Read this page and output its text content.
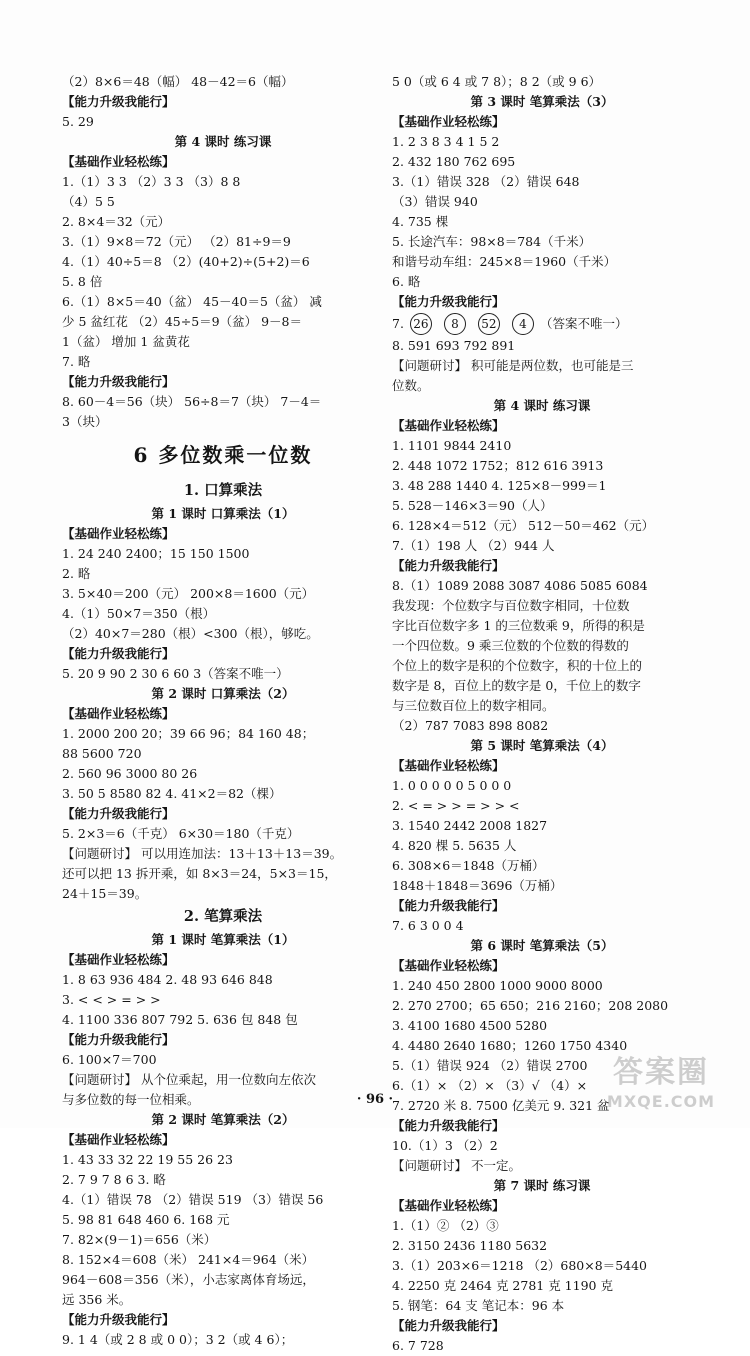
（2）8×6＝48（幅） 48－42＝6（幅）
【能力升级我能行】
5. 29
第 4 课时 练习课
【基础作业轻松练】
1.（1）3 3 （2）3 3 （3）8 8
（4）5 5
2. 8×4＝32（元）
3.（1）9×8＝72（元） （2）81÷9＝9
4.（1）40÷5＝8 （2）(40+2)÷(5+2)＝6
5. 8 倍
6.（1）8×5＝40（盆） 45－40＝5（盆） 减
少 5 盆红花 （2）45÷5＝9（盆） 9－8＝
1（盆） 增加 1 盆黄花
7. 略
【能力升级我能行】
8. 60－4＝56（块） 56÷8＝7（块） 7－4＝
3（块）
6 多位数乘一位数
1. 口算乘法
第 1 课时 口算乘法（1）
【基础作业轻松练】
1. 24 240 2400；15 150 1500
2. 略
3. 5×40＝200（元） 200×8＝1600（元）
4.（1）50×7＝350（根）
（2）40×7＝280（根）<300（根），够吃。
【能力升级我能行】
5. 20 9 90 2 30 6 60 3（答案不唯一）
第 2 课时 口算乘法（2）
【基础作业轻松练】
1. 2000 200 20；39 66 96；84 160 48；
88 5600 720
2. 560 96 3000 80 26
3. 50 5 8580 82 4. 41×2＝82（棵）
【能力升级我能行】
5. 2×3＝6（千克） 6×30＝180（千克）
【问题研讨】 可以用连加法：13＋13＋13＝39。
还可以把 13 拆开乘，如 8×3＝24，5×3＝15，
24＋15＝39。
2. 笔算乘法
第 1 课时 笔算乘法（1）
【基础作业轻松练】
1. 8 63 936 484 2. 48 93 646 848
3. < < > = > >
4. 1100 336 807 792 5. 636 包 848 包
【能力升级我能行】
6. 100×7＝700
【问题研讨】 从个位乘起，用一位数向左依次
与多位数的每一位相乘。
第 2 课时 笔算乘法（2）
【基础作业轻松练】
1. 43 33 32 22 19 55 26 23
2. 7 9 7 8 6 3. 略
4.（1）错误 78 （2）错误 519 （3）错误 56
5. 98 81 648 460 6. 168 元
7. 82×(9－1)＝656（米）
8. 152×4＝608（米） 241×4＝964（米）
964－608＝356（米），小志家离体育场远，
远 356 米。
【能力升级我能行】
9. 1 4（或 2 8 或 0 0）；3 2（或 4 6）；
5 0（或 6 4 或 7 8）；8 2（或 9 6）
第 3 课时 笔算乘法（3）
【基础作业轻松练】
1. 2 3 8 3 4 1 5 2
2. 432 180 762 695
3.（1）错误 328 （2）错误 648
（3）错误 940
4. 735 棵
5. 长途汽车：98×8＝784（千米）
和谐号动车组：245×8＝1960（千米）
6. 略
【能力升级我能行】
7. 26 8 52 4 （答案不唯一）
8. 591 693 792 891
【问题研讨】 积可能是两位数，也可能是三
位数。
第 4 课时 练习课
【基础作业轻松练】
1. 1101 9844 2410
2. 448 1072 1752；812 616 3913
3. 48 288 1440 4. 125×8－999＝1
5. 528－146×3＝90（人）
6. 128×4＝512（元） 512－50＝462（元）
7.（1）198 人 （2）944 人
【能力升级我能行】
8.（1）1089 2088 3087 4086 5085 6084
我发现：个位数字与百位数字相同，十位数
字比百位数字多 1 的三位数乘 9，所得的积是
一个四位数。9 乘三位数的个位数的得数的
个位上的数字是积的个位数字，积的十位上的
数字是 8，百位上的数字是 0，千位上的数字
与三位数百位上的数字相同。
（2）787 7083 898 8082
第 5 课时 笔算乘法（4）
【基础作业轻松练】
1. 0 0 0 0 0 5 0 0 0
2. < = > > = > > <
3. 1540 2442 2008 1827
4. 820 棵 5. 5635 人
6. 308×6＝1848（万桶）
1848＋1848＝3696（万桶）
【能力升级我能行】
7. 6 3 0 0 4
第 6 课时 笔算乘法（5）
【基础作业轻松练】
1. 240 450 2800 1000 9000 8000
2. 270 2700；65 650；216 2160；208 2080
3. 4100 1680 4500 5280
4. 4480 2640 1680；1260 1750 4340
5.（1）错误 924 （2）错误 2700
6.（1）× （2）× （3）√ （4）×
7. 2720 米 8. 7500 亿美元 9. 321 盆
【能力升级我能行】
10.（1）3 （2）2
【问题研讨】 不一定。
第 7 课时 练习课
【基础作业轻松练】
1.（1）② （2）③
2. 3150 2436 1180 5632
3.（1）203×6＝1218 （2）680×8＝5440
4. 2250 克 2464 克 2781 克 1190 克
5. 钢笔：64 支 笔记本：96 本
【能力升级我能行】
6. 7 728
· 96 ·
答案圈
MXQE.COM
